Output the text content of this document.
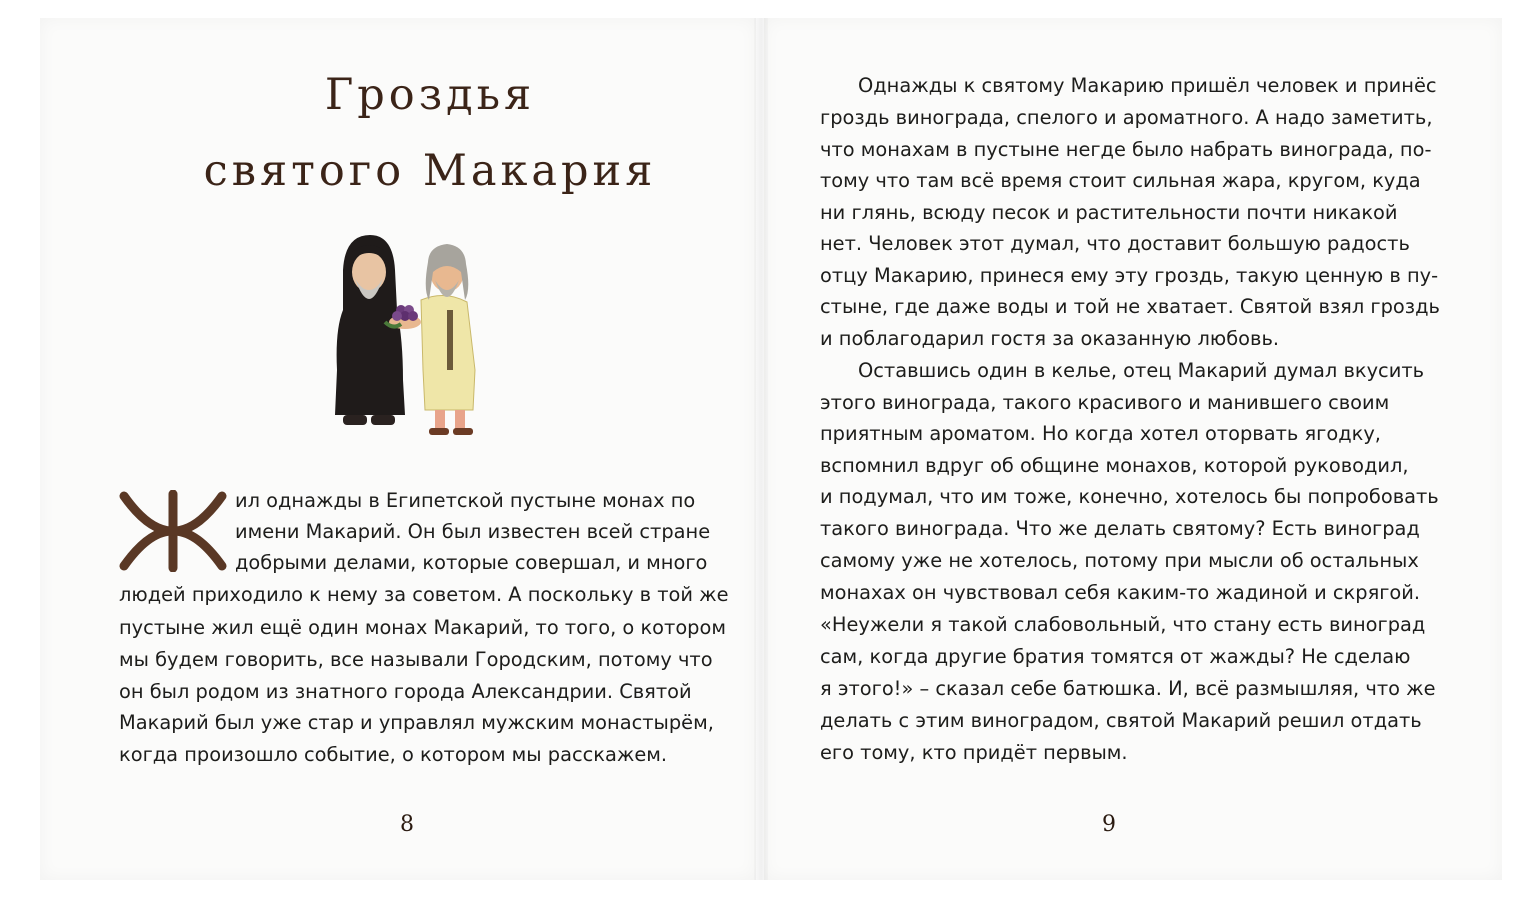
Гроздья
святого Макария
Ж	ил однажды в Египетской пустыне монах по
имени Макарий. Он был известен всей стране
добрыми делами, которые совершал, и много
людей приходило к нему за советом. А поскольку в той же
пустыне жил ещё один монах Макарий, то того, о котором
мы будем говорить, все называли Городским, потому что
он был родом из знатного города Александрии. Святой
Макарий был уже стар и управлял мужским монастырём,
когда произошло событие, о котором мы расскажем.
8
Однажды к святому Макарию пришёл человек и принёс
гроздь винограда, спелого и ароматного. А надо заметить,
что монахам в пустыне негде было набрать винограда, по-
тому что там всё время стоит сильная жара, кругом, куда
ни глянь, всюду песок и растительности почти никакой
нет. Человек этот думал, что доставит большую радость
отцу Макарию, принеся ему эту гроздь, такую ценную в пу-
стыне, где даже воды и той не хватает. Святой взял гроздь
и поблагодарил гостя за оказанную любовь.
Оставшись один в келье, отец Макарий думал вкусить
этого винограда, такого красивого и манившего своим
приятным ароматом. Но когда хотел оторвать ягодку,
вспомнил вдруг об общине монахов, которой руководил,
и подумал, что им тоже, конечно, хотелось бы попробовать
такого винограда. Что же делать святому? Есть виноград
самому уже не хотелось, потому при мысли об остальных
монахах он чувствовал себя каким-то жадиной и скрягой.
«Неужели я такой слабовольный, что стану есть виноград
сам, когда другие братия томятся от жажды? Не сделаю
я этого!» – сказал себе батюшка. И, всё размышляя, что же
делать с этим виноградом, святой Макарий решил отдать
его тому, кто придёт первым.
9
